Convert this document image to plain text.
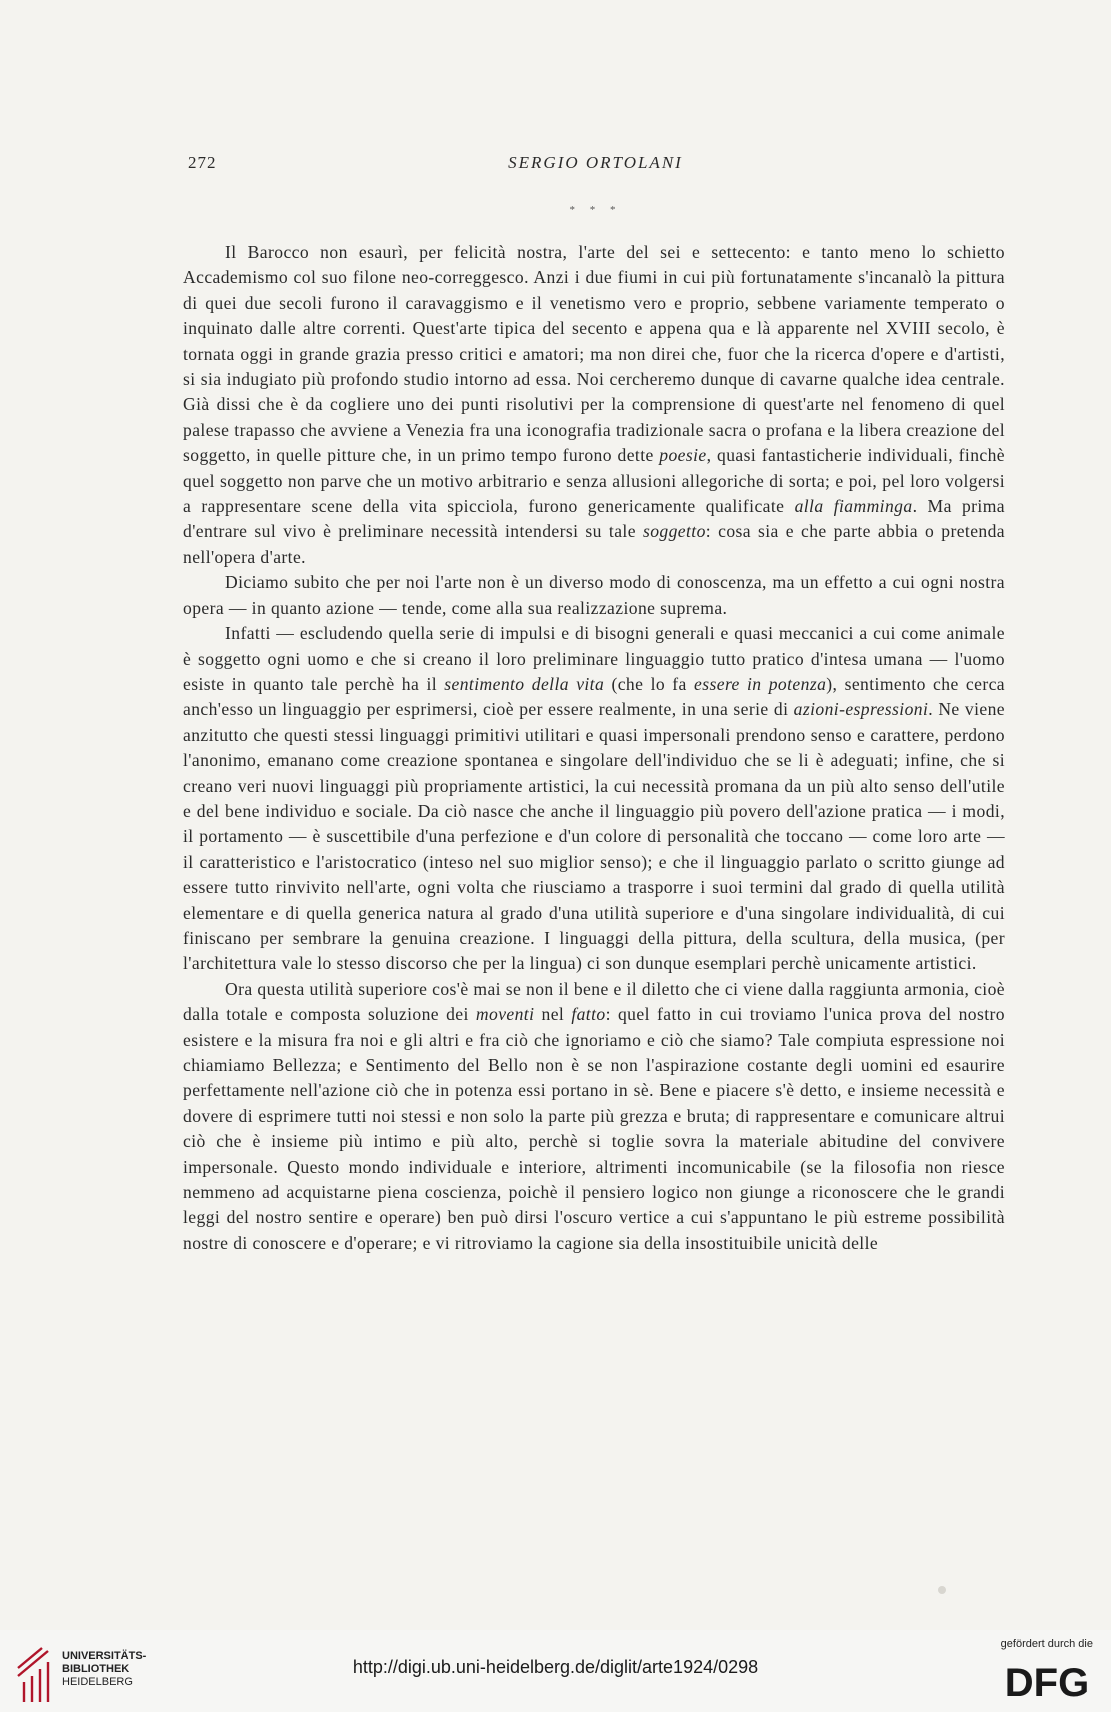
272	SERGIO ORTOLANI
* * *

Il Barocco non esaurì, per felicità nostra, l'arte del sei e settecento: e tanto meno lo schietto Accademismo col suo filone neo-correggesco. Anzi i due fiumi in cui più fortunatamente s'incanalò la pittura di quei due secoli furono il caravaggismo e il venetismo vero e proprio, sebbene variamente temperato o inquinato dalle altre correnti. Quest'arte tipica del secento e appena qua e là apparente nel XVIII secolo, è tornata oggi in grande grazia presso critici e amatori; ma non direi che, fuor che la ricerca d'opere e d'artisti, si sia indugiato più profondo studio intorno ad essa. Noi cercheremo dunque di cavarne qualche idea centrale. Già dissi che è da cogliere uno dei punti risolutivi per la comprensione di quest'arte nel fenomeno di quel palese trapasso che avviene a Venezia fra una iconografia tradizionale sacra o profana e la libera creazione del soggetto, in quelle pitture che, in un primo tempo furono dette poesie, quasi fantasticherie individuali, finchè quel soggetto non parve che un motivo arbitrario e senza allusioni allegoriche di sorta; e poi, pel loro volgersi a rappresentare scene della vita spicciola, furono genericamente qualificate alla fiamminga. Ma prima d'entrare sul vivo è preliminare necessità intendersi su tale soggetto: cosa sia e che parte abbia o pretenda nell'opera d'arte.

Diciamo subito che per noi l'arte non è un diverso modo di conoscenza, ma un effetto a cui ogni nostra opera — in quanto azione — tende, come alla sua realizzazione suprema.

Infatti — escludendo quella serie di impulsi e di bisogni generali e quasi meccanici a cui come animale è soggetto ogni uomo e che si creano il loro preliminare linguaggio tutto pratico d'intesa umana — l'uomo esiste in quanto tale perchè ha il sentimento della vita (che lo fa essere in potenza), sentimento che cerca anch'esso un linguaggio per esprimersi, cioè per essere realmente, in una serie di azioni-espressioni. Ne viene anzitutto che questi stessi linguaggi primitivi utilitari e quasi impersonali prendono senso e carattere, perdono l'anonimo, emanano come creazione spontanea e singolare dell'individuo che se li è adeguati; infine, che si creano veri nuovi linguaggi più propriamente artistici, la cui necessità promana da un più alto senso dell'utile e del bene individuo e sociale. Da ciò nasce che anche il linguaggio più povero dell'azione pratica — i modi, il portamento — è suscettibile d'una perfezione e d'un colore di personalità che toccano — come loro arte — il caratteristico e l'aristocratico (inteso nel suo miglior senso); e che il linguaggio parlato o scritto giunge ad essere tutto rinvivito nell'arte, ogni volta che riusciamo a trasporre i suoi termini dal grado di quella utilità elementare e di quella generica natura al grado d'una utilità superiore e d'una singolare individualità, di cui finiscano per sembrare la genuina creazione. I linguaggi della pittura, della scultura, della musica, (per l'architettura vale lo stesso discorso che per la lingua) ci son dunque esemplari perchè unicamente artistici.

Ora questa utilità superiore cos'è mai se non il bene e il diletto che ci viene dalla raggiunta armonia, cioè dalla totale e composta soluzione dei moventi nel fatto: quel fatto in cui troviamo l'unica prova del nostro esistere e la misura fra noi e gli altri e fra ciò che ignoriamo e ciò che siamo? Tale compiuta espressione noi chiamiamo Bellezza; e Sentimento del Bello non è se non l'aspirazione costante degli uomini ed esaurire perfettamente nell'azione ciò che in potenza essi portano in sè. Bene e piacere s'è detto, e insieme necessità e dovere di esprimere tutti noi stessi e non solo la parte più grezza e bruta; di rappresentare e comunicare altrui ciò che è insieme più intimo e più alto, perchè si toglie sovra la materiale abitudine del convivere impersonale. Questo mondo individuale e interiore, altrimenti incomunicabile (se la filosofia non riesce nemmeno ad acquistarne piena coscienza, poichè il pensiero logico non giunge a riconoscere che le grandi leggi del nostro sentire e operare) ben può dirsi l'oscuro vertice a cui s'appuntano le più estreme possibilità nostre di conoscere e d'operare; e vi ritroviamo la cagione sia della insostituibile unicità delle

UNIVERSITÄTS-
BIBLIOTHEK
HEIDELBERG
http://digi.ub.uni-heidelberg.de/diglit/arte1924/0298
gefördert durch die
DFG
